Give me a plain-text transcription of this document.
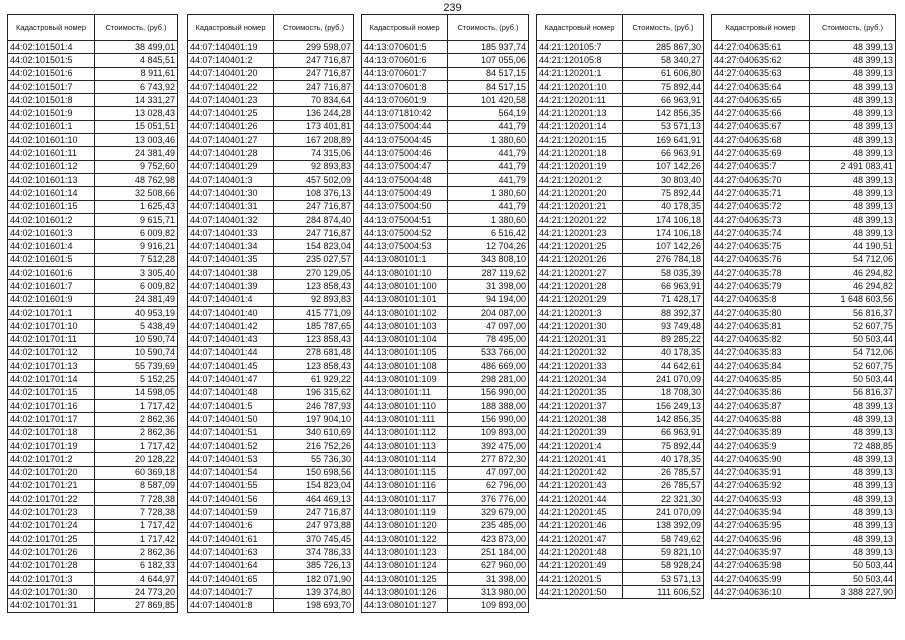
239
Кадастровый номер	Стоимость, (руб.)
44:02:101501:4	38 499,01
44:02:101501:5	4 845,51
44:02:101501:6	8 911,61
44:02:101501:7	6 743,92
44:02:101501:8	14 331,27
44:02:101501:9	13 028,43
44:02:101601:1	15 051,51
44:02:101601:10	13 003,46
44:02:101601:11	24 381,49
44:02:101601:12	9 752,60
44:02:101601:13	48 762,98
44:02:101601:14	32 508,66
44:02:101601:15	1 625,43
44:02:101601:2	9 615,71
44:02:101601:3	6 009,82
44:02:101601:4	9 916,21
44:02:101601:5	7 512,28
44:02:101601:6	3 305,40
44:02:101601:7	6 009,82
44:02:101601:9	24 381,49
44:02:101701:1	40 953,19
44:02:101701:10	5 438,49
44:02:101701:11	10 590,74
44:02:101701:12	10 590,74
44:02:101701:13	55 739,69
44:02:101701:14	5 152,25
44:02:101701:15	14 598,05
44:02:101701:16	1 717,42
44:02:101701:17	2 862,36
44:02:101701:18	2 862,36
44:02:101701:19	1 717,42
44:02:101701:2	20 128,22
44:02:101701:20	60 369,18
44:02:101701:21	8 587,09
44:02:101701:22	7 728,38
44:02:101701:23	7 728,38
44:02:101701:24	1 717,42
44:02:101701:25	1 717,42
44:02:101701:26	2 862,36
44:02:101701:28	6 182,33
44:02:101701:3	4 644,97
44:02:101701:30	24 773,20
44:02:101701:31	27 869,85
Кадастровый номер	Стоимость, (руб.)
44:07:140401:19	299 598,07
44:07:140401:2	247 716,87
44:07:140401:20	247 716,87
44:07:140401:22	247 716,87
44:07:140401:23	70 834,64
44:07:140401:25	136 244,28
44:07:140401:26	173 401,81
44:07:140401:27	167 208,89
44:07:140401:28	74 315,06
44:07:140401:29	92 893,83
44:07:140401:3	457 502,09
44:07:140401:30	108 376,13
44:07:140401:31	247 716,87
44:07:140401:32	284 874,40
44:07:140401:33	247 716,87
44:07:140401:34	154 823,04
44:07:140401:35	235 027,57
44:07:140401:38	270 129,05
44:07:140401:39	123 858,43
44:07:140401:4	92 893,83
44:07:140401:40	415 771,09
44:07:140401:42	185 787,65
44:07:140401:43	123 858,43
44:07:140401:44	278 681,48
44:07:140401:45	123 858,43
44:07:140401:47	61 929,22
44:07:140401:48	196 315,62
44:07:140401:5	246 787,93
44:07:140401:50	197 904,10
44:07:140401:51	340 610,69
44:07:140401:52	216 752,26
44:07:140401:53	55 736,30
44:07:140401:54	150 698,56
44:07:140401:55	154 823,04
44:07:140401:56	464 469,13
44:07:140401:59	247 716,87
44:07:140401:6	247 973,88
44:07:140401:61	370 745,45
44:07:140401:63	374 786,33
44:07:140401:64	385 726,13
44:07:140401:65	182 071,90
44:07:140401:7	139 374,80
44:07:140401:8	198 693,70
Кадастровый номер	Стоимость, (руб.)
44:13:070601:5	185 937,74
44:13:070601:6	107 055,06
44:13:070601:7	84 517,15
44:13:070601:8	84 517,15
44:13:070601:9	101 420,58
44:13:071810:42	564,19
44:13:075004:44	441,79
44:13:075004:45	1 380,60
44:13:075004:46	441,79
44:13:075004:47	441,79
44:13:075004:48	441,79
44:13:075004:49	1 380,60
44:13:075004:50	441,79
44:13:075004:51	1 380,60
44:13:075004:52	6 516,42
44:13:075004:53	12 704,26
44:13:080101:1	343 808,10
44:13:080101:10	287 119,62
44:13:080101:100	31 398,00
44:13:080101:101	94 194,00
44:13:080101:102	204 087,00
44:13:080101:103	47 097,00
44:13:080101:104	78 495,00
44:13:080101:105	533 766,00
44:13:080101:108	486 669,00
44:13:080101:109	298 281,00
44:13:080101:11	156 990,00
44:13:080101:110	188 388,00
44:13:080101:111	156 990,00
44:13:080101:112	109 893,00
44:13:080101:113	392 475,00
44:13:080101:114	277 872,30
44:13:080101:115	47 097,00
44:13:080101:116	62 796,00
44:13:080101:117	376 776,00
44:13:080101:119	329 679,00
44:13:080101:120	235 485,00
44:13:080101:122	423 873,00
44:13:080101:123	251 184,00
44:13:080101:124	627 960,00
44:13:080101:125	31 398,00
44:13:080101:126	313 980,00
44:13:080101:127	109 893,00
Кадастровый номер	Стоимость, (руб.)
44:21:120105:7	285 867,30
44:21:120105:8	58 340,27
44:21:120201:1	61 606,80
44:21:120201:10	75 892,44
44:21:120201:11	66 963,91
44:21:120201:13	142 856,35
44:21:120201:14	53 571,13
44:21:120201:15	169 641,91
44:21:120201:18	66 963,91
44:21:120201:19	107 142,26
44:21:120201:2	30 803,40
44:21:120201:20	75 892,44
44:21:120201:21	40 178,35
44:21:120201:22	174 106,18
44:21:120201:23	174 106,18
44:21:120201:25	107 142,26
44:21:120201:26	276 784,18
44:21:120201:27	58 035,39
44:21:120201:28	66 963,91
44:21:120201:29	71 428,17
44:21:120201:3	88 392,37
44:21:120201:30	93 749,48
44:21:120201:31	89 285,22
44:21:120201:32	40 178,35
44:21:120201:33	44 642,61
44:21:120201:34	241 070,09
44:21:120201:35	18 708,30
44:21:120201:37	156 249,13
44:21:120201:38	142 856,35
44:21:120201:39	66 963,91
44:21:120201:4	75 892,44
44:21:120201:41	40 178,35
44:21:120201:42	26 785,57
44:21:120201:43	26 785,57
44:21:120201:44	22 321,30
44:21:120201:45	241 070,09
44:21:120201:46	138 392,09
44:21:120201:47	58 749,62
44:21:120201:48	59 821,10
44:21:120201:49	58 928,24
44:21:120201:5	53 571,13
44:21:120201:50	111 606,52
Кадастровый номер	Стоимость, (руб.)
44:27:040635:61	48 399,13
44:27:040635:62	48 399,13
44:27:040635:63	48 399,13
44:27:040635:64	48 399,13
44:27:040635:65	48 399,13
44:27:040635:66	48 399,13
44:27:040635:67	48 399,13
44:27:040635:68	48 399,13
44:27:040635:69	48 399,13
44:27:040635:7	2 491 083,41
44:27:040635:70	48 399,13
44:27:040635:71	48 399,13
44:27:040635:72	48 399,13
44:27:040635:73	48 399,13
44:27:040635:74	48 399,13
44:27:040635:75	44 190,51
44:27:040635:76	54 712,06
44:27:040635:78	46 294,82
44:27:040635:79	46 294,82
44:27:040635:8	1 648 603,56
44:27:040635:80	56 816,37
44:27:040635:81	52 607,75
44:27:040635:82	50 503,44
44:27:040635:83	54 712,06
44:27:040635:84	52 607,75
44:27:040635:85	50 503,44
44:27:040635:86	56 816,37
44:27:040635:87	48 399,13
44:27:040635:88	48 399,13
44:27:040635:89	48 399,13
44:27:040635:9	72 488,85
44:27:040635:90	48 399,13
44:27:040635:91	48 399,13
44:27:040635:92	48 399,13
44:27:040635:93	48 399,13
44:27:040635:94	48 399,13
44:27:040635:95	48 399,13
44:27:040635:96	48 399,13
44:27:040635:97	48 399,13
44:27:040635:98	50 503,44
44:27:040635:99	50 503,44
44:27:040636:10	3 388 227,90
